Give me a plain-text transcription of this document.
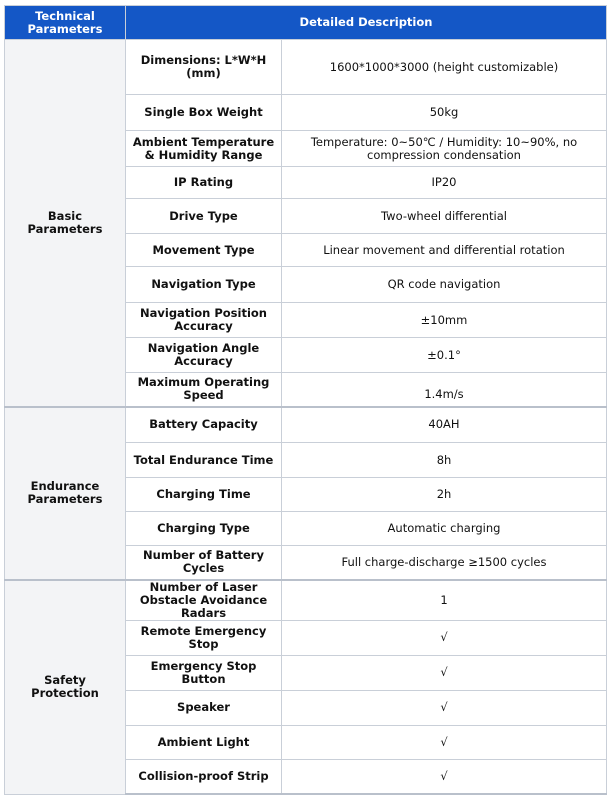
Technical Parameters	Detailed Description	
Basic Parameters	Dimensions: L*W*H (mm)	1600*1000*3000 (height customizable)
	Single Box Weight	50kg
	Ambient Temperature & Humidity Range	Temperature: 0~50℃ / Humidity: 10~90%, no compression condensation
	IP Rating	IP20
	Drive Type	Two-wheel differential
	Movement Type	Linear movement and differential rotation
	Navigation Type	QR code navigation
	Navigation Position Accuracy	±10mm
	Navigation Angle Accuracy	±0.1°
	Maximum Operating Speed	1.4m/s
Endurance Parameters	Battery Capacity	40AH
	Total Endurance Time	8h
	Charging Time	2h
	Charging Type	Automatic charging
	Number of Battery Cycles	Full charge-discharge ≥1500 cycles
Safety Protection	Number of Laser Obstacle Avoidance Radars	1
	Remote Emergency Stop	√
	Emergency Stop Button	√
	Speaker	√
	Ambient Light	√
	Collision-proof Strip	√
